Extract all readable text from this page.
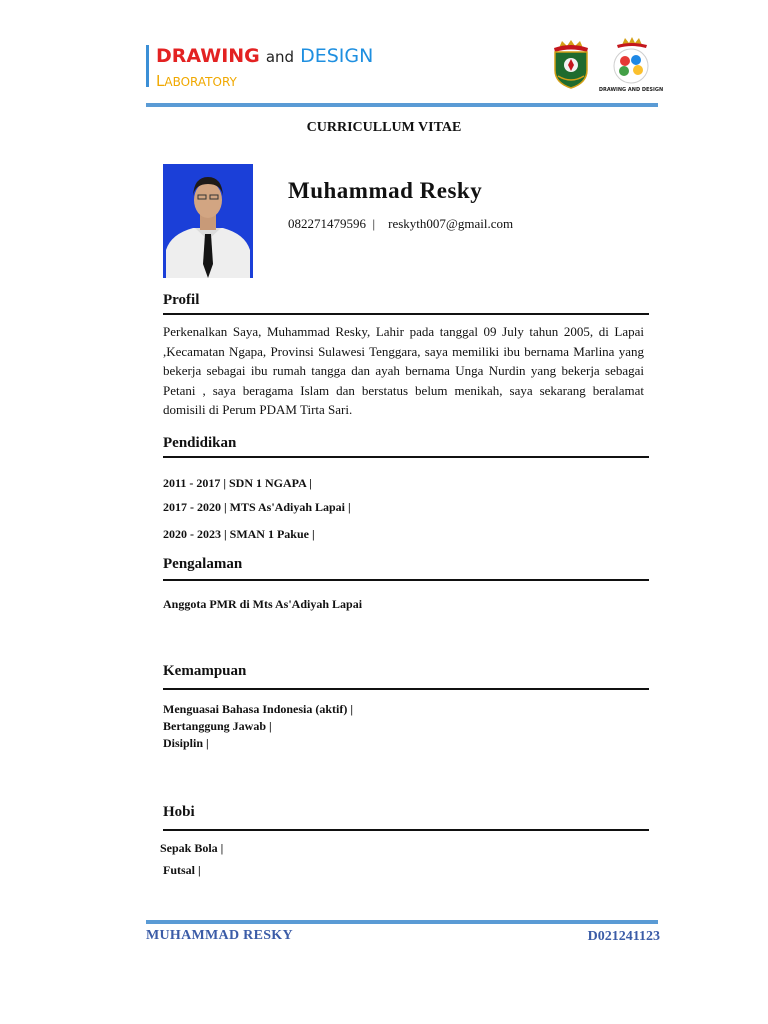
DRAWING and DESIGN
LABORATORY
DRAWING AND DESIGN
CURRICULLUM VITAE
Muhammad Resky
082271479596 | reskyth007@gmail.com
Profil
Perkenalkan Saya, Muhammad Resky, Lahir pada tanggal 09 July tahun 2005, di Lapai ,Kecamatan Ngapa, Provinsi Sulawesi Tenggara, saya memiliki ibu bernama Marlina yang bekerja sebagai ibu rumah tangga dan ayah bernama Unga Nurdin yang bekerja sebagai Petani , saya beragama Islam dan berstatus belum menikah, saya sekarang beralamat domisili di Perum PDAM Tirta Sari.
Pendidikan
2011 - 2017 | SDN 1 NGAPA |
2017 - 2020 | MTS As'Adiyah Lapai |
2020 - 2023 | SMAN 1 Pakue |
Pengalaman
Anggota PMR di Mts As'Adiyah Lapai
Kemampuan
Menguasai Bahasa Indonesia (aktif) |
Bertanggung Jawab |
Disiplin |
Hobi
Sepak Bola |
Futsal |
MUHAMMAD RESKY	D021241123
